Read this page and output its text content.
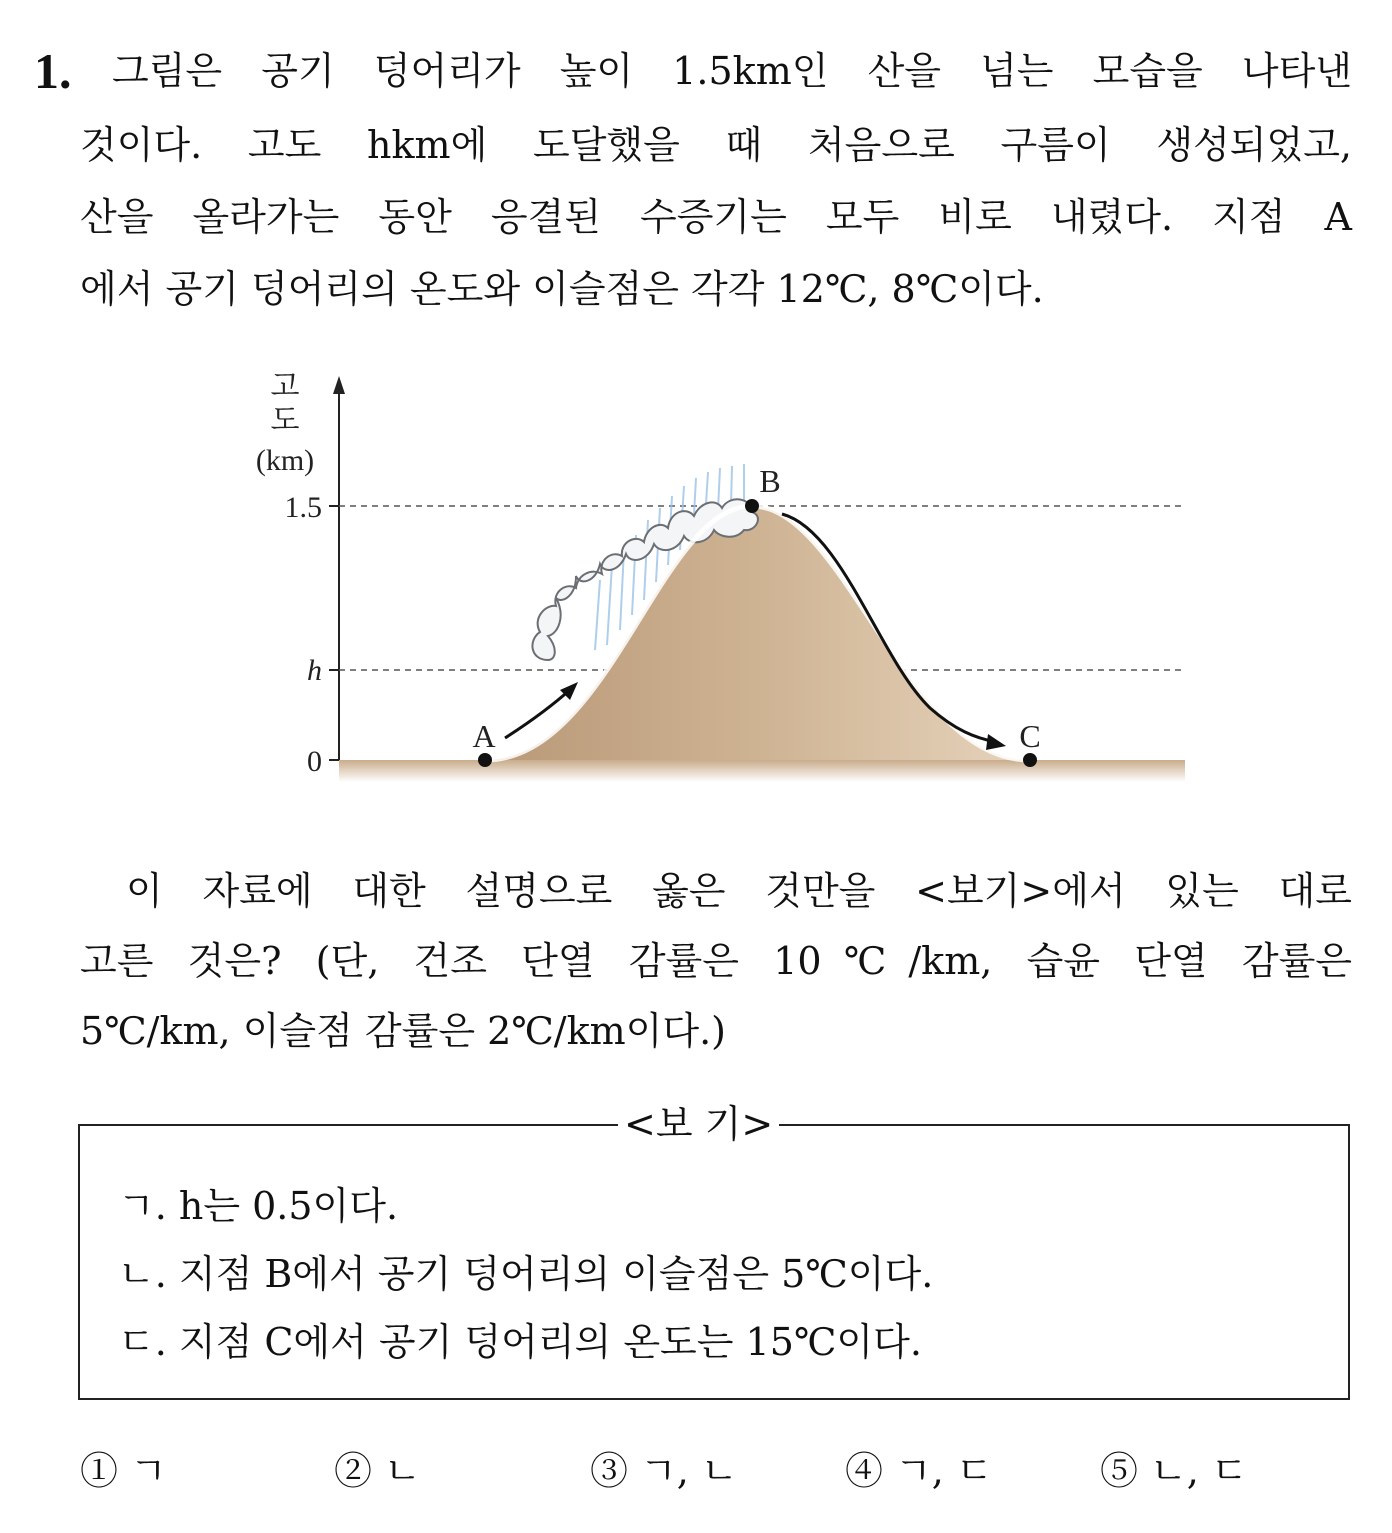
1. 그림은 공기 덩어리가 높이 1.5km인 산을 넘는 모습을 나타낸
것이다. 고도 hkm에 도달했을 때 처음으로 구름이 생성되었고,
산을 올라가는 동안 응결된 수증기는 모두 비로 내렸다. 지점 A
에서 공기 덩어리의 온도와 이슬점은 각각 12℃, 8℃이다.
고
도
(km)
1.5
h
0
A
B
C
이 자료에 대한 설명으로 옳은 것만을 <보기>에서 있는 대로
고른 것은? (단, 건조 단열 감률은 10℃/km, 습윤 단열 감률은
5℃/km, 이슬점 감률은 2℃/km이다.)
<보 기>
ㄱ. h는 0.5이다.
ㄴ. 지점 B에서 공기 덩어리의 이슬점은 5℃이다.
ㄷ. 지점 C에서 공기 덩어리의 온도는 15℃이다.
① ㄱ	② ㄴ	③ ㄱ, ㄴ	④ ㄱ, ㄷ	⑤ ㄴ, ㄷ
